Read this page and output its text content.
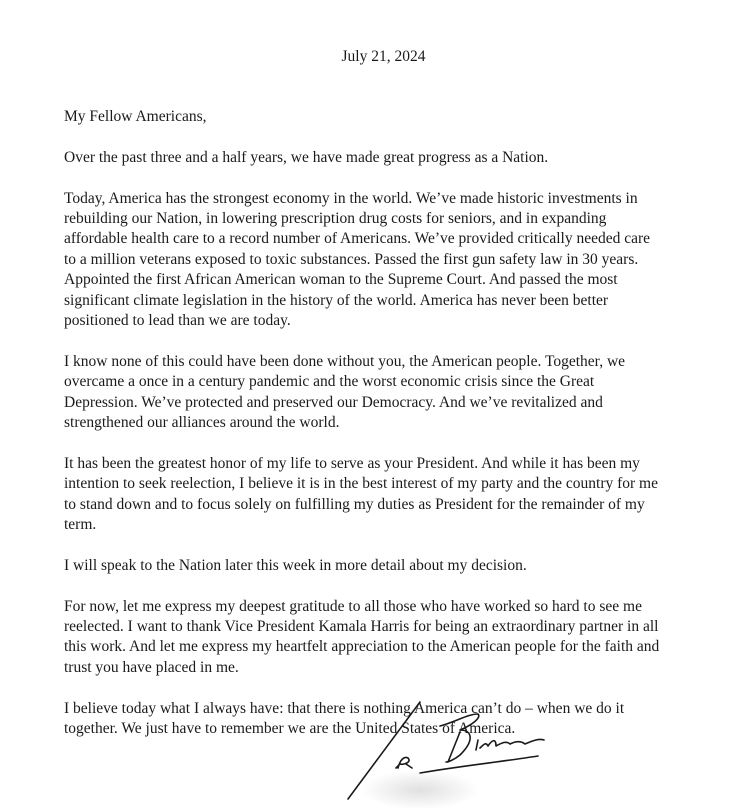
July 21, 2024
My Fellow Americans,
Over the past three and a half years, we have made great progress as a Nation.
Today, America has the strongest economy in the world. We’ve made historic investments in
rebuilding our Nation, in lowering prescription drug costs for seniors, and in expanding
affordable health care to a record number of Americans. We’ve provided critically needed care
to a million veterans exposed to toxic substances. Passed the first gun safety law in 30 years.
Appointed the first African American woman to the Supreme Court. And passed the most
significant climate legislation in the history of the world. America has never been better
positioned to lead than we are today.
I know none of this could have been done without you, the American people. Together, we
overcame a once in a century pandemic and the worst economic crisis since the Great
Depression. We’ve protected and preserved our Democracy. And we’ve revitalized and
strengthened our alliances around the world.
It has been the greatest honor of my life to serve as your President. And while it has been my
intention to seek reelection, I believe it is in the best interest of my party and the country for me
to stand down and to focus solely on fulfilling my duties as President for the remainder of my
term.
I will speak to the Nation later this week in more detail about my decision.
For now, let me express my deepest gratitude to all those who have worked so hard to see me
reelected. I want to thank Vice President Kamala Harris for being an extraordinary partner in all
this work. And let me express my heartfelt appreciation to the American people for the faith and
trust you have placed in me.
I believe today what I always have: that there is nothing America can’t do – when we do it
together. We just have to remember we are the United States of America.
